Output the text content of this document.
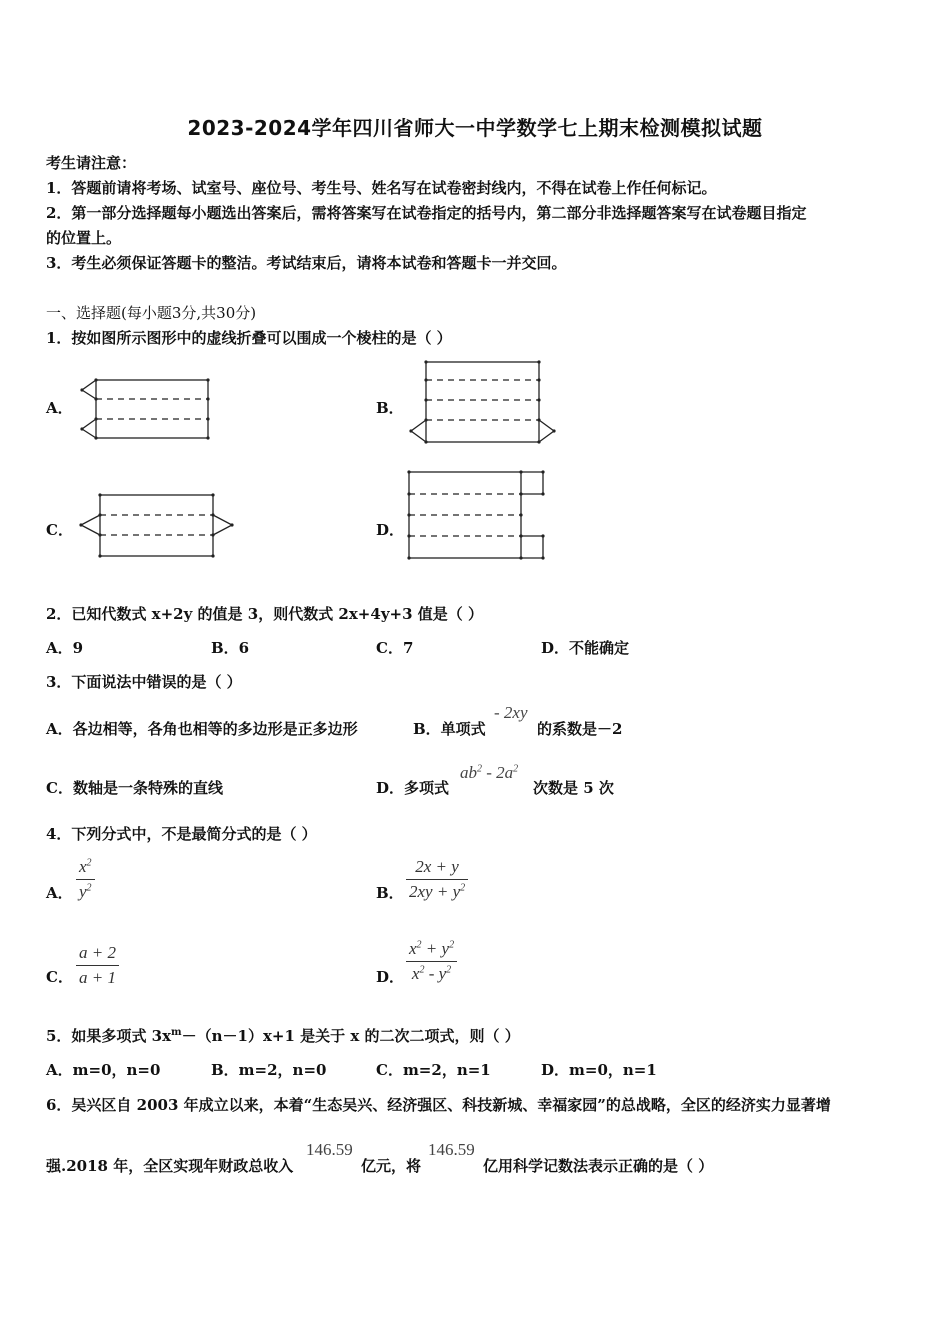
2023-2024学年四川省师大一中学数学七上期末检测模拟试题
考生请注意：
1．答题前请将考场、试室号、座位号、考生号、姓名写在试卷密封线内，不得在试卷上作任何标记。
2．第一部分选择题每小题选出答案后，需将答案写在试卷指定的括号内，第二部分非选择题答案写在试卷题目指定
的位置上。
3．考生必须保证答题卡的整洁。考试结束后，请将本试卷和答题卡一并交回。
一、选择题(每小题3分,共30分)
1．按如图所示图形中的虚线折叠可以围成一个棱柱的是（ ）
A．	B．
C．	D．
2．已知代数式 x+2y 的值是 3，则代数式 2x+4y+3 值是（ ）
A．9	B．6	C．7	D．不能确定
3．下面说法中错误的是（ ）
A．各边相等，各角也相等的多边形是正多边形	B．单项式
- 2xy
的系数是－2
C．数轴是一条特殊的直线	D．多项式
$ab^2 - 2a^2$
次数是 5 次
4．下列分式中，不是最简分式的是（ ）
A．
$x^2$
$y^2$	B．
2x + y
$2xy + y^2$
C．
a + 2
a + 1	D．
$x^2 + y^2$
$x^2 - y^2$
5．如果多项式 $3x^m-(n-1)x+1$ 是关于 x 的二次二项式，则（ ）
A．m=0，n=0	B．m=2，n=0	C．m=2，n=1	D．m=0，n=1
6．吴兴区自 2003 年成立以来，本着“生态吴兴、经济强区、科技新城、幸福家园”的总战略，全区的经济实力显著增
强.2018 年，全区实现年财政总收入
146.59
亿元，将
146.59
亿用科学记数法表示正确的是（ ）
